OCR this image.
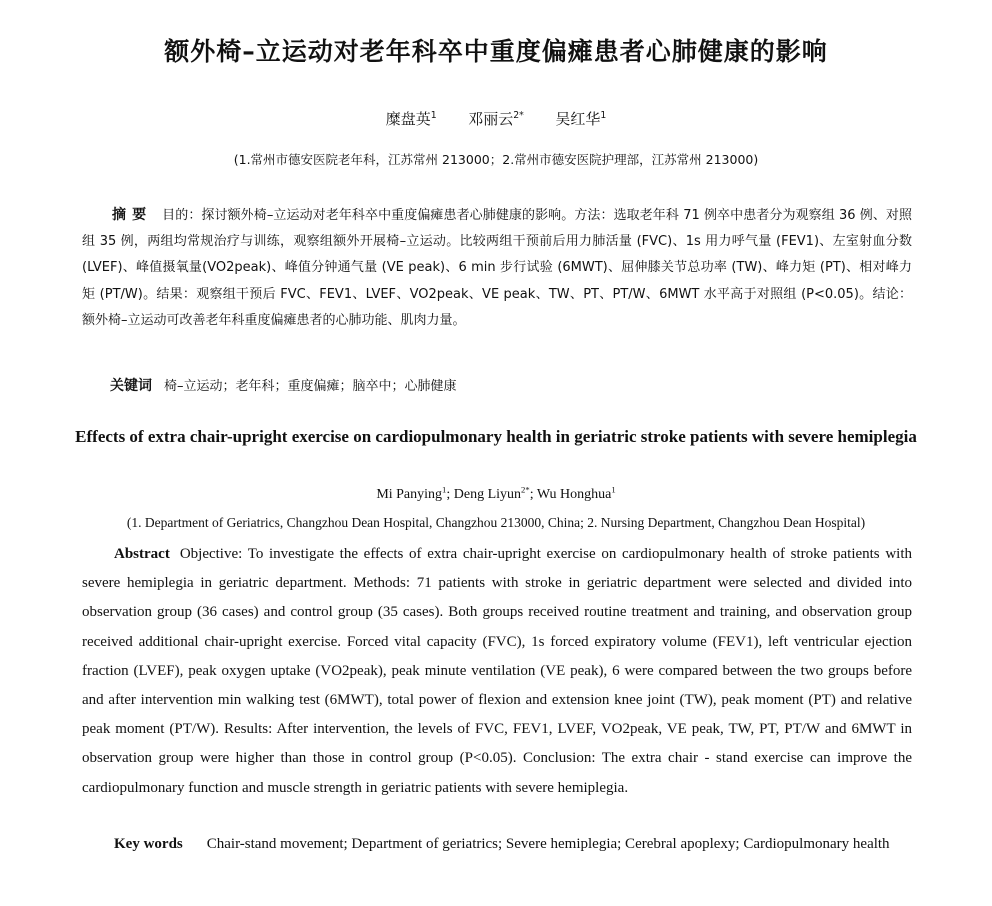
额外椅–立运动对老年科卒中重度偏瘫患者心肺健康的影响
糜盘英$^1$ 邓丽云$^{2*}$ 吴红华$^1$
(1.常州市德安医院老年科，江苏常州 213000；2.常州市德安医院护理部，江苏常州 213000)

摘要 目的：探讨额外椅–立运动对老年科卒中重度偏瘫患者心肺健康的影响。方法：选取老年科 71 例卒中患者分为观察组 36 例、对照组 35 例，两组均常规治疗与训练，观察组额外开展椅–立运动。比较两组干预前后用力肺活量 (FVC)、1s 用力呼气量 (FEV1)、左室射血分数 (LVEF)、峰值摄氧量(VO2peak)、峰值分钟通气量 (VE peak)、6 min 步行试验 (6MWT)、屈伸膝关节总功率 (TW)、峰力矩 (PT)、相对峰力矩 (PT/W)。结果：观察组干预后 FVC、FEV1、LVEF、VO2peak、VE peak、TW、PT、PT/W、6MWT 水平高于对照组 (P<0.05)。结论：额外椅–立运动可改善老年科重度偏瘫患者的心肺功能、肌肉力量。

关键词 椅–立运动；老年科；重度偏瘫；脑卒中；心肺健康

Effects of extra chair-upright exercise on cardiopulmonary health in geriatric stroke patients with severe hemiplegia
Mi Panying$^1$; Deng Liyun$^{2*}$; Wu Honghua$^1$
(1. Department of Geriatrics, Changzhou Dean Hospital, Changzhou 213000, China; 2. Nursing Department, Changzhou Dean Hospital)

Abstract Objective: To investigate the effects of extra chair-upright exercise on cardiopulmonary health of stroke patients with severe hemiplegia in geriatric department. Methods: 71 patients with stroke in geriatric department were selected and divided into observation group (36 cases) and control group (35 cases). Both groups received routine treatment and training, and observation group received additional chair-upright exercise. Forced vital capacity (FVC), 1s forced expiratory volume (FEV1), left ventricular ejection fraction (LVEF), peak oxygen uptake (VO2peak), peak minute ventilation (VE peak), 6 were compared between the two groups before and after intervention min walking test (6MWT), total power of flexion and extension knee joint (TW), peak moment (PT) and relative peak moment (PT/W). Results: After intervention, the levels of FVC, FEV1, LVEF, VO2peak, VE peak, TW, PT, PT/W and 6MWT in observation group were higher than those in control group (P<0.05). Conclusion: The extra chair - stand exercise can improve the cardiopulmonary function and muscle strength in geriatric patients with severe hemiplegia.

Key words Chair-stand movement; Department of geriatrics; Severe hemiplegia; Cerebral apoplexy; Cardiopulmonary health
